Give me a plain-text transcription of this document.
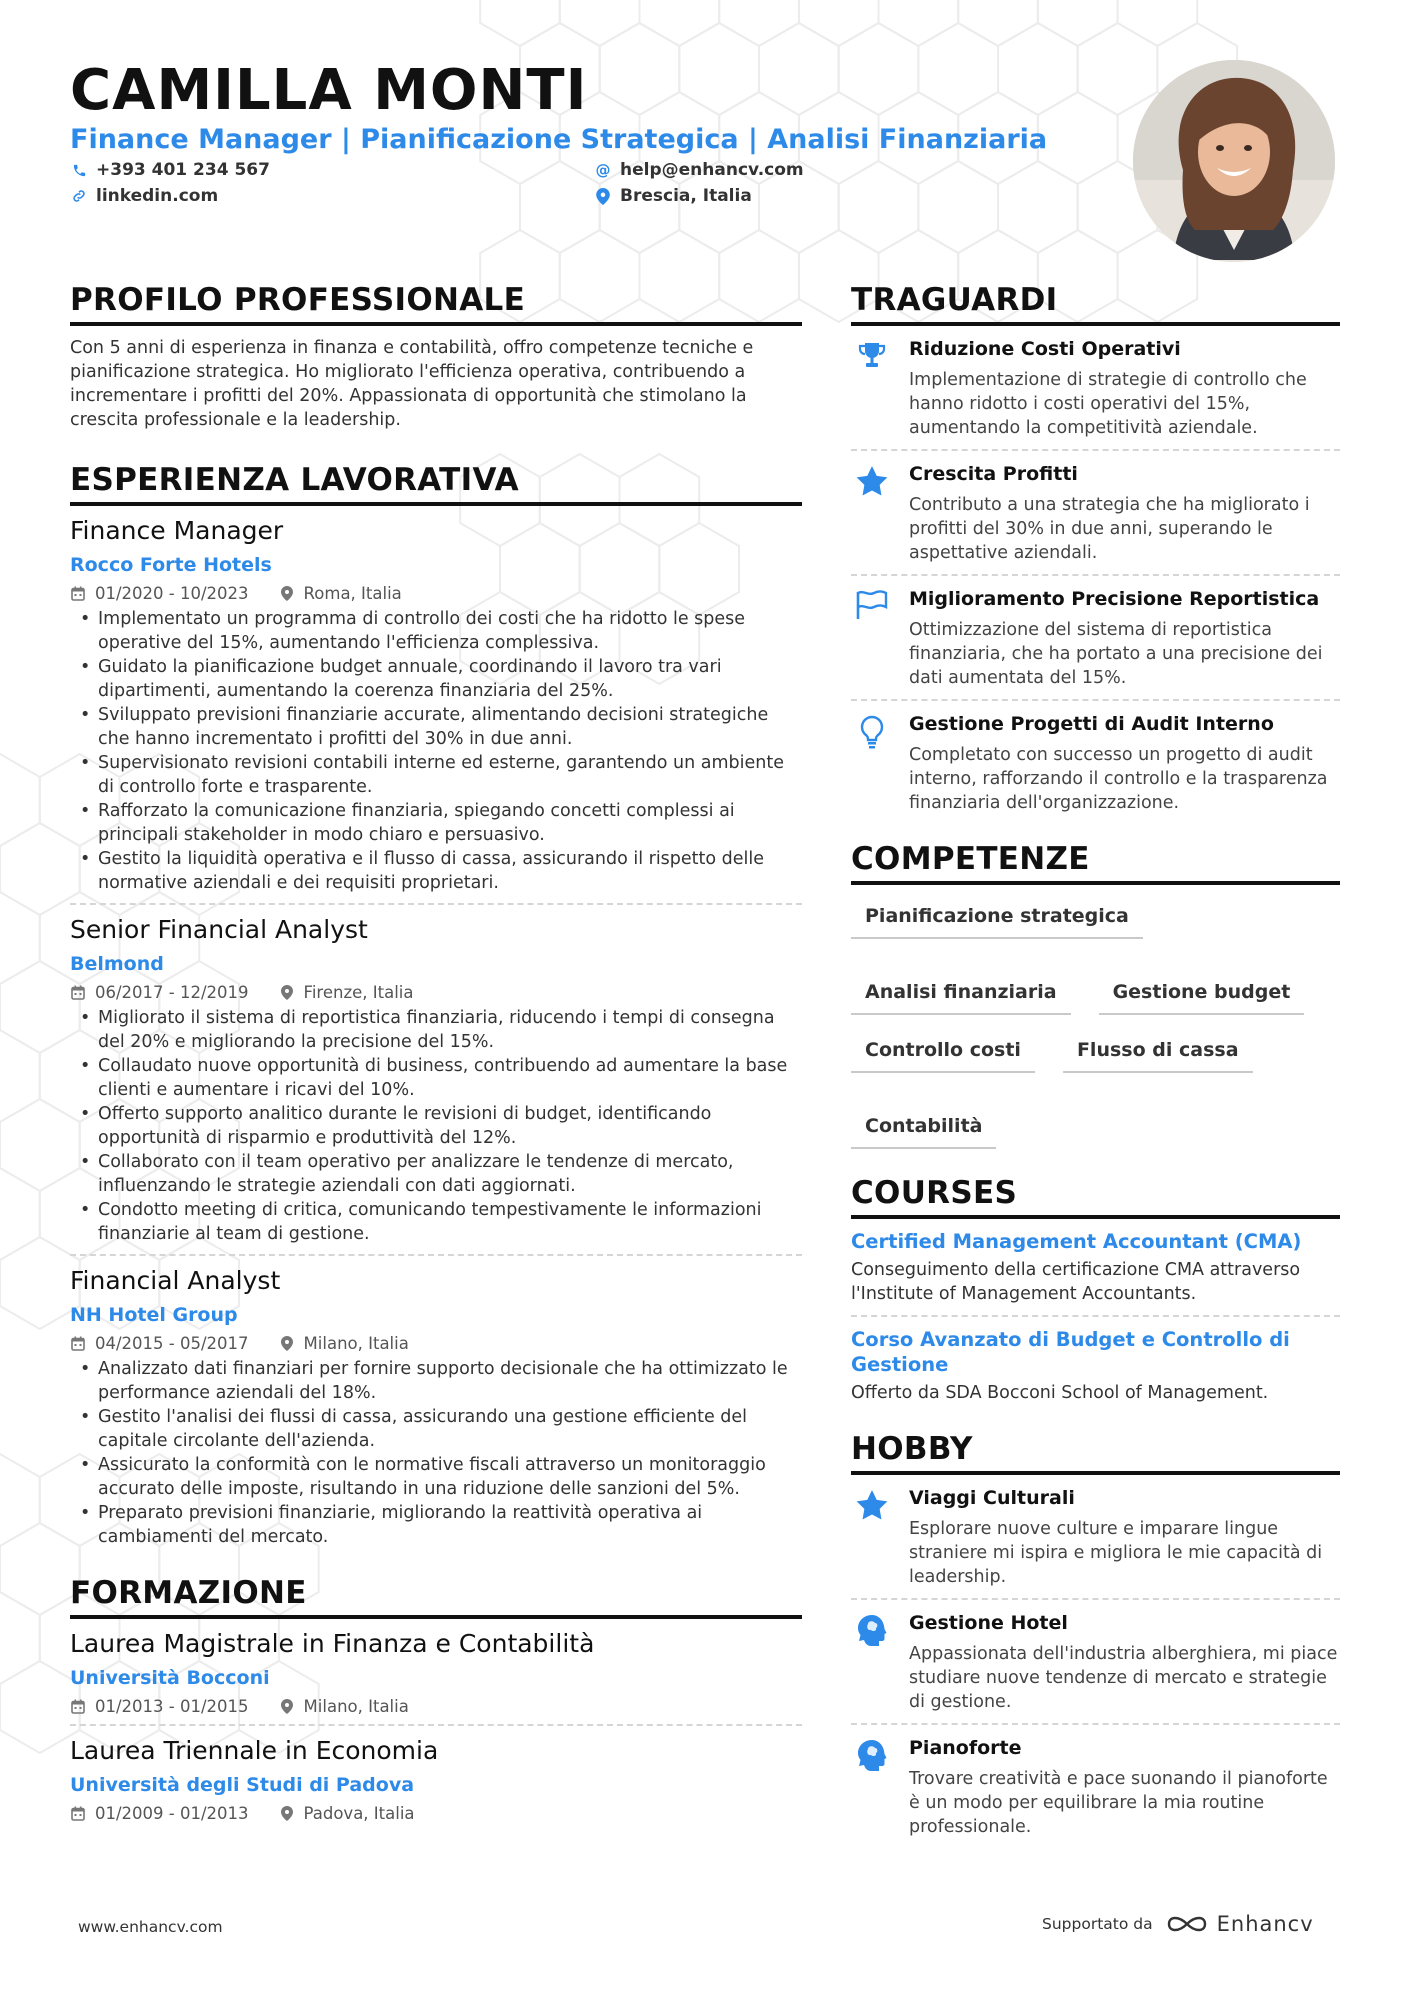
CAMILLA MONTI
Finance Manager | Pianificazione Strategica | Analisi Finanziaria
+393 401 234 567
linkedin.com
@ help@enhancv.com
Brescia, Italia
PROFILO PROFESSIONALE
Con 5 anni di esperienza in finanza e contabilità, offro competenze tecniche e pianificazione strategica. Ho migliorato l'efficienza operativa, contribuendo a incrementare i profitti del 20%. Appassionata di opportunità che stimolano la crescita professionale e la leadership.
ESPERIENZA LAVORATIVA
Finance Manager
Rocco Forte Hotels
01/2020 - 10/2023	Roma, Italia
• Implementato un programma di controllo dei costi che ha ridotto le spese operative del 15%, aumentando l'efficienza complessiva.
• Guidato la pianificazione budget annuale, coordinando il lavoro tra vari dipartimenti, aumentando la coerenza finanziaria del 25%.
• Sviluppato previsioni finanziarie accurate, alimentando decisioni strategiche che hanno incrementato i profitti del 30% in due anni.
• Supervisionato revisioni contabili interne ed esterne, garantendo un ambiente di controllo forte e trasparente.
• Rafforzato la comunicazione finanziaria, spiegando concetti complessi ai principali stakeholder in modo chiaro e persuasivo.
• Gestito la liquidità operativa e il flusso di cassa, assicurando il rispetto delle normative aziendali e dei requisiti proprietari.
Senior Financial Analyst
Belmond
06/2017 - 12/2019	Firenze, Italia
• Migliorato il sistema di reportistica finanziaria, riducendo i tempi di consegna del 20% e migliorando la precisione del 15%.
• Collaudato nuove opportunità di business, contribuendo ad aumentare la base clienti e aumentare i ricavi del 10%.
• Offerto supporto analitico durante le revisioni di budget, identificando opportunità di risparmio e produttività del 12%.
• Collaborato con il team operativo per analizzare le tendenze di mercato, influenzando le strategie aziendali con dati aggiornati.
• Condotto meeting di critica, comunicando tempestivamente le informazioni finanziarie al team di gestione.
Financial Analyst
NH Hotel Group
04/2015 - 05/2017	Milano, Italia
• Analizzato dati finanziari per fornire supporto decisionale che ha ottimizzato le performance aziendali del 18%.
• Gestito l'analisi dei flussi di cassa, assicurando una gestione efficiente del capitale circolante dell'azienda.
• Assicurato la conformità con le normative fiscali attraverso un monitoraggio accurato delle imposte, risultando in una riduzione delle sanzioni del 5%.
• Preparato previsioni finanziarie, migliorando la reattività operativa ai cambiamenti del mercato.
FORMAZIONE
Laurea Magistrale in Finanza e Contabilità
Università Bocconi
01/2013 - 01/2015	Milano, Italia
Laurea Triennale in Economia
Università degli Studi di Padova
01/2009 - 01/2013	Padova, Italia
TRAGUARDI
Riduzione Costi Operativi
Implementazione di strategie di controllo che hanno ridotto i costi operativi del 15%, aumentando la competitività aziendale.
Crescita Profitti
Contributo a una strategia che ha migliorato i profitti del 30% in due anni, superando le aspettative aziendali.
Miglioramento Precisione Reportistica
Ottimizzazione del sistema di reportistica finanziaria, che ha portato a una precisione dei dati aumentata del 15%.
Gestione Progetti di Audit Interno
Completato con successo un progetto di audit interno, rafforzando il controllo e la trasparenza finanziaria dell'organizzazione.
COMPETENZE
Pianificazione strategica
Analisi finanziaria	Gestione budget
Controllo costi	Flusso di cassa
Contabilità
COURSES
Certified Management Accountant (CMA)
Conseguimento della certificazione CMA attraverso l'Institute of Management Accountants.
Corso Avanzato di Budget e Controllo di Gestione
Offerto da SDA Bocconi School of Management.
HOBBY
Viaggi Culturali
Esplorare nuove culture e imparare lingue straniere mi ispira e migliora le mie capacità di leadership.
Gestione Hotel
Appassionata dell'industria alberghiera, mi piace studiare nuove tendenze di mercato e strategie di gestione.
Pianoforte
Trovare creatività e pace suonando il pianoforte è un modo per equilibrare la mia routine professionale.
www.enhancv.com	Supportato da	Enhancv
